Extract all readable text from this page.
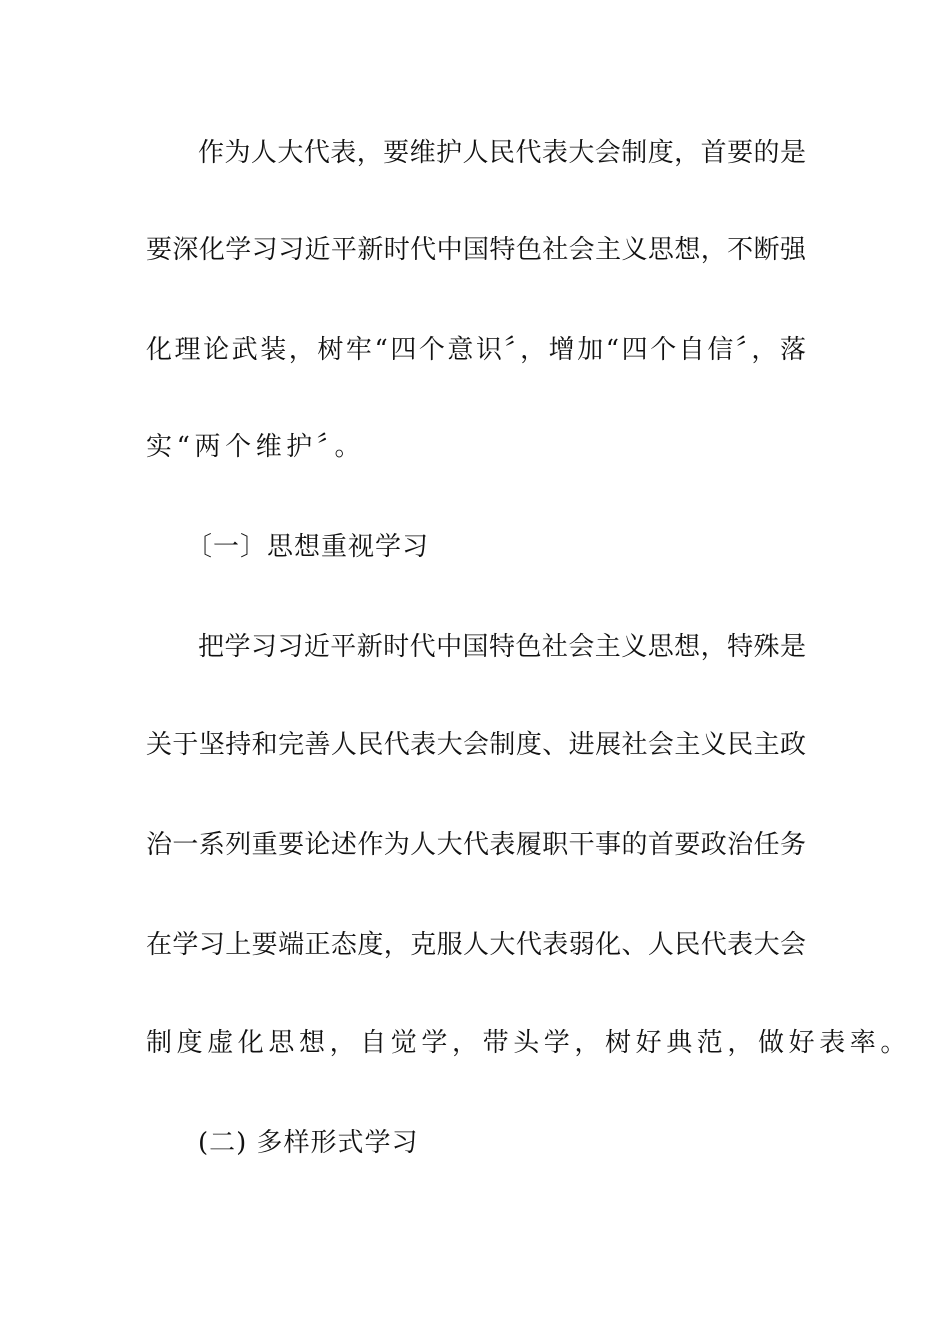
作为人大代表，要维护人民代表大会制度，首要的是
要深化学习习近平新时代中国特色社会主义思想，不断强
化理论武装，树牢“四个意识〞，增加“四个自信〞，落
实“两个维护〞。
〔一〕思想重视学习
把学习习近平新时代中国特色社会主义思想，特殊是
关于坚持和完善人民代表大会制度、进展社会主义民主政
治一系列重要论述作为人大代表履职干事的首要政治任务
在学习上要端正态度，克服人大代表弱化、人民代表大会
制度虚化思想，自觉学，带头学，树好典范，做好表率。
(二) 多样形式学习
